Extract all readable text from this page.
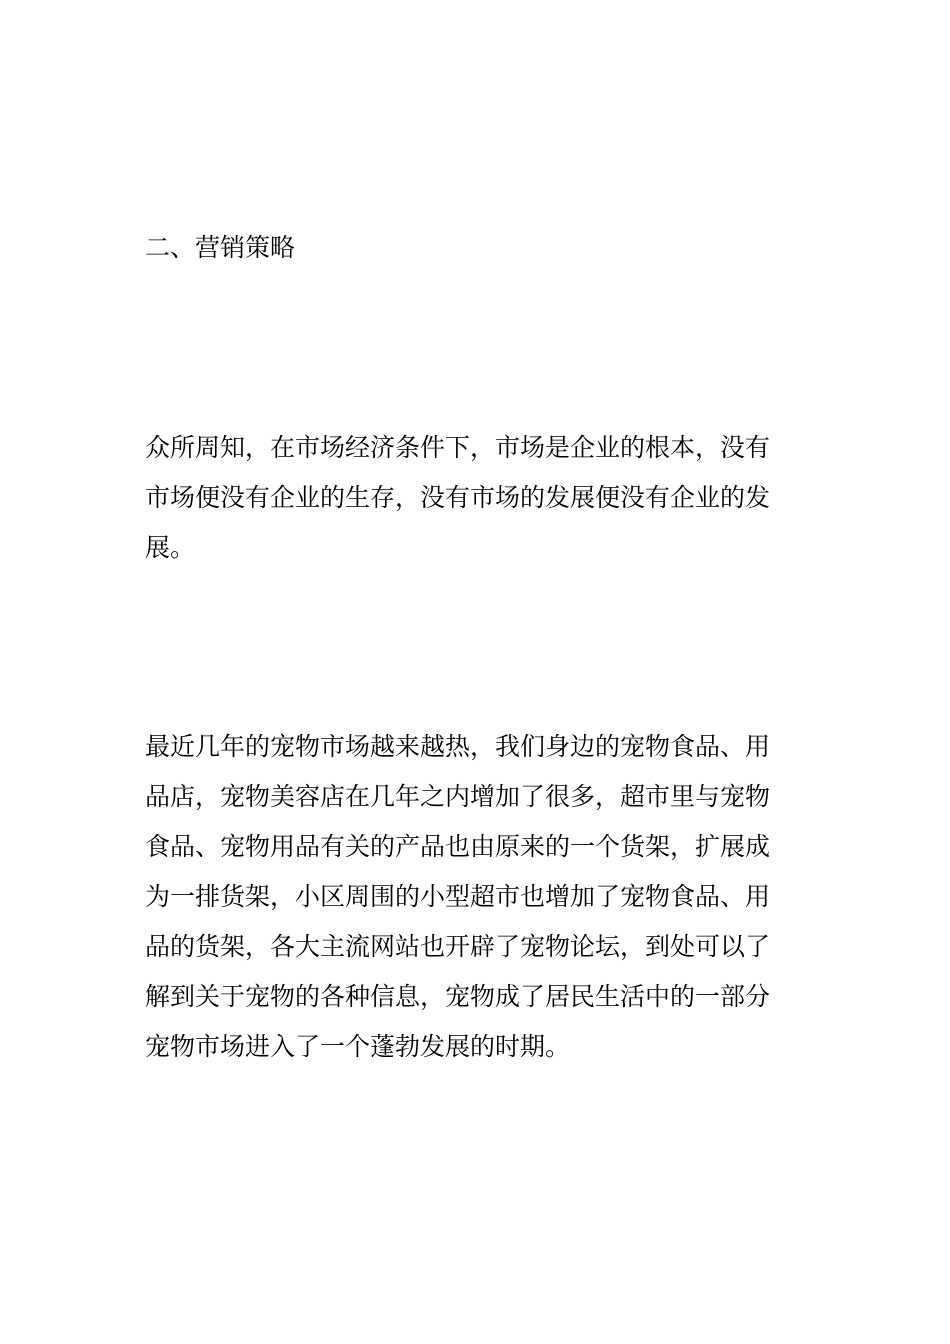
二、营销策略

众所周知，在市场经济条件下，市场是企业的根本，没有
市场便没有企业的生存，没有市场的发展便没有企业的发
展。

最近几年的宠物市场越来越热，我们身边的宠物食品、用
品店，宠物美容店在几年之内增加了很多，超市里与宠物
食品、宠物用品有关的产品也由原来的一个货架，扩展成
为一排货架，小区周围的小型超市也增加了宠物食品、用
品的货架，各大主流网站也开辟了宠物论坛，到处可以了
解到关于宠物的各种信息，宠物成了居民生活中的一部分
宠物市场进入了一个蓬勃发展的时期。
